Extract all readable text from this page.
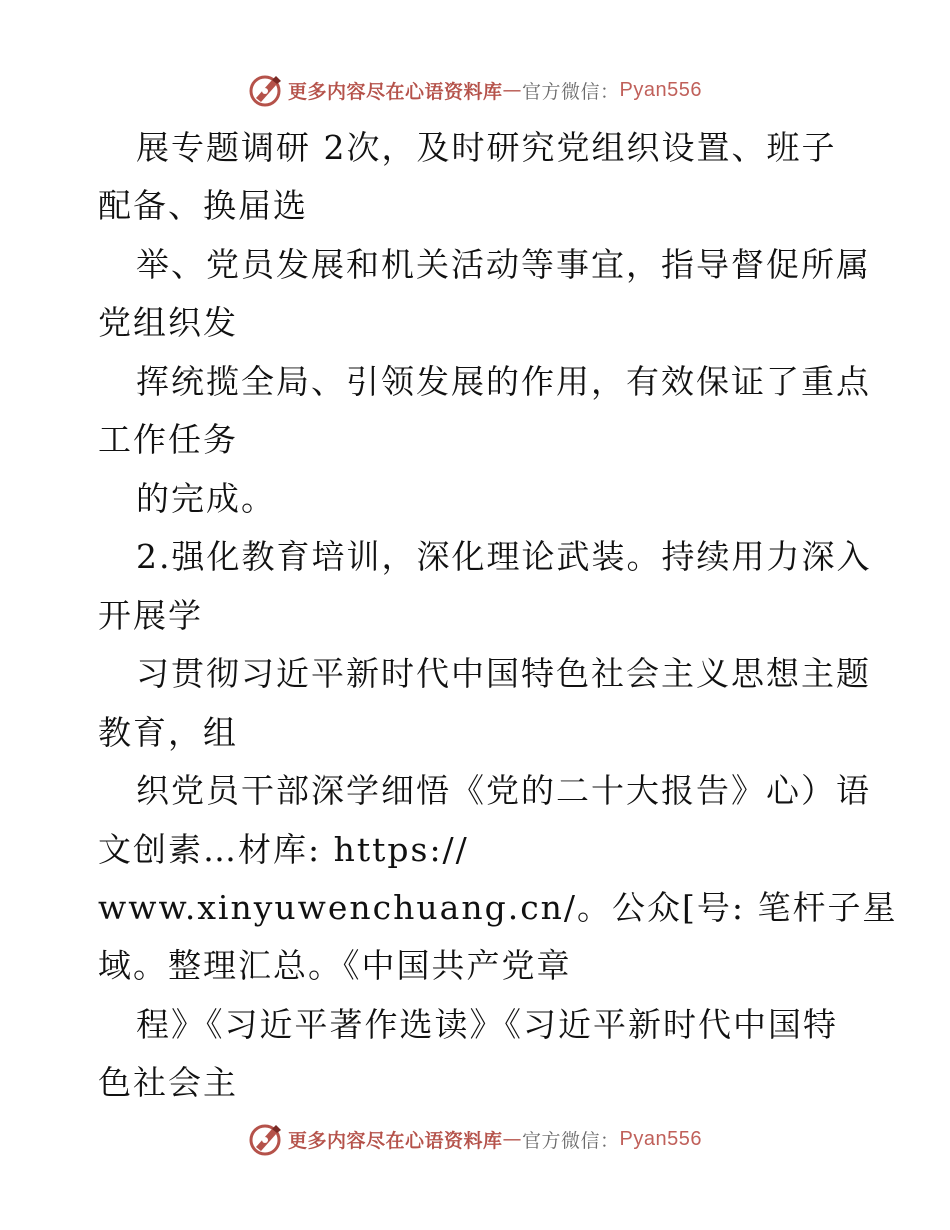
更多内容尽在心语资料库 — 官方微信： Pyan556
展专题调研 2次，及时研究党组织设置、班子
配备、换届选
举、党员发展和机关活动等事宜，指导督促所属
党组织发
挥统揽全局、引领发展的作用，有效保证了重点
工作任务
的完成。
2.强化教育培训，深化理论武装。持续用力深入
开展学
习贯彻习近平新时代中国特色社会主义思想主题
教育，组
织党员干部深学细悟《党的二十大报告》心）语
文创素…材库: https://
www.xinyuwenchuang.cn/。公众[号: 笔杆子星
域。整理汇总。《中国共产党章
程》《习近平著作选读》《习近平新时代中国特
色社会主
更多内容尽在心语资料库 — 官方微信： Pyan556
